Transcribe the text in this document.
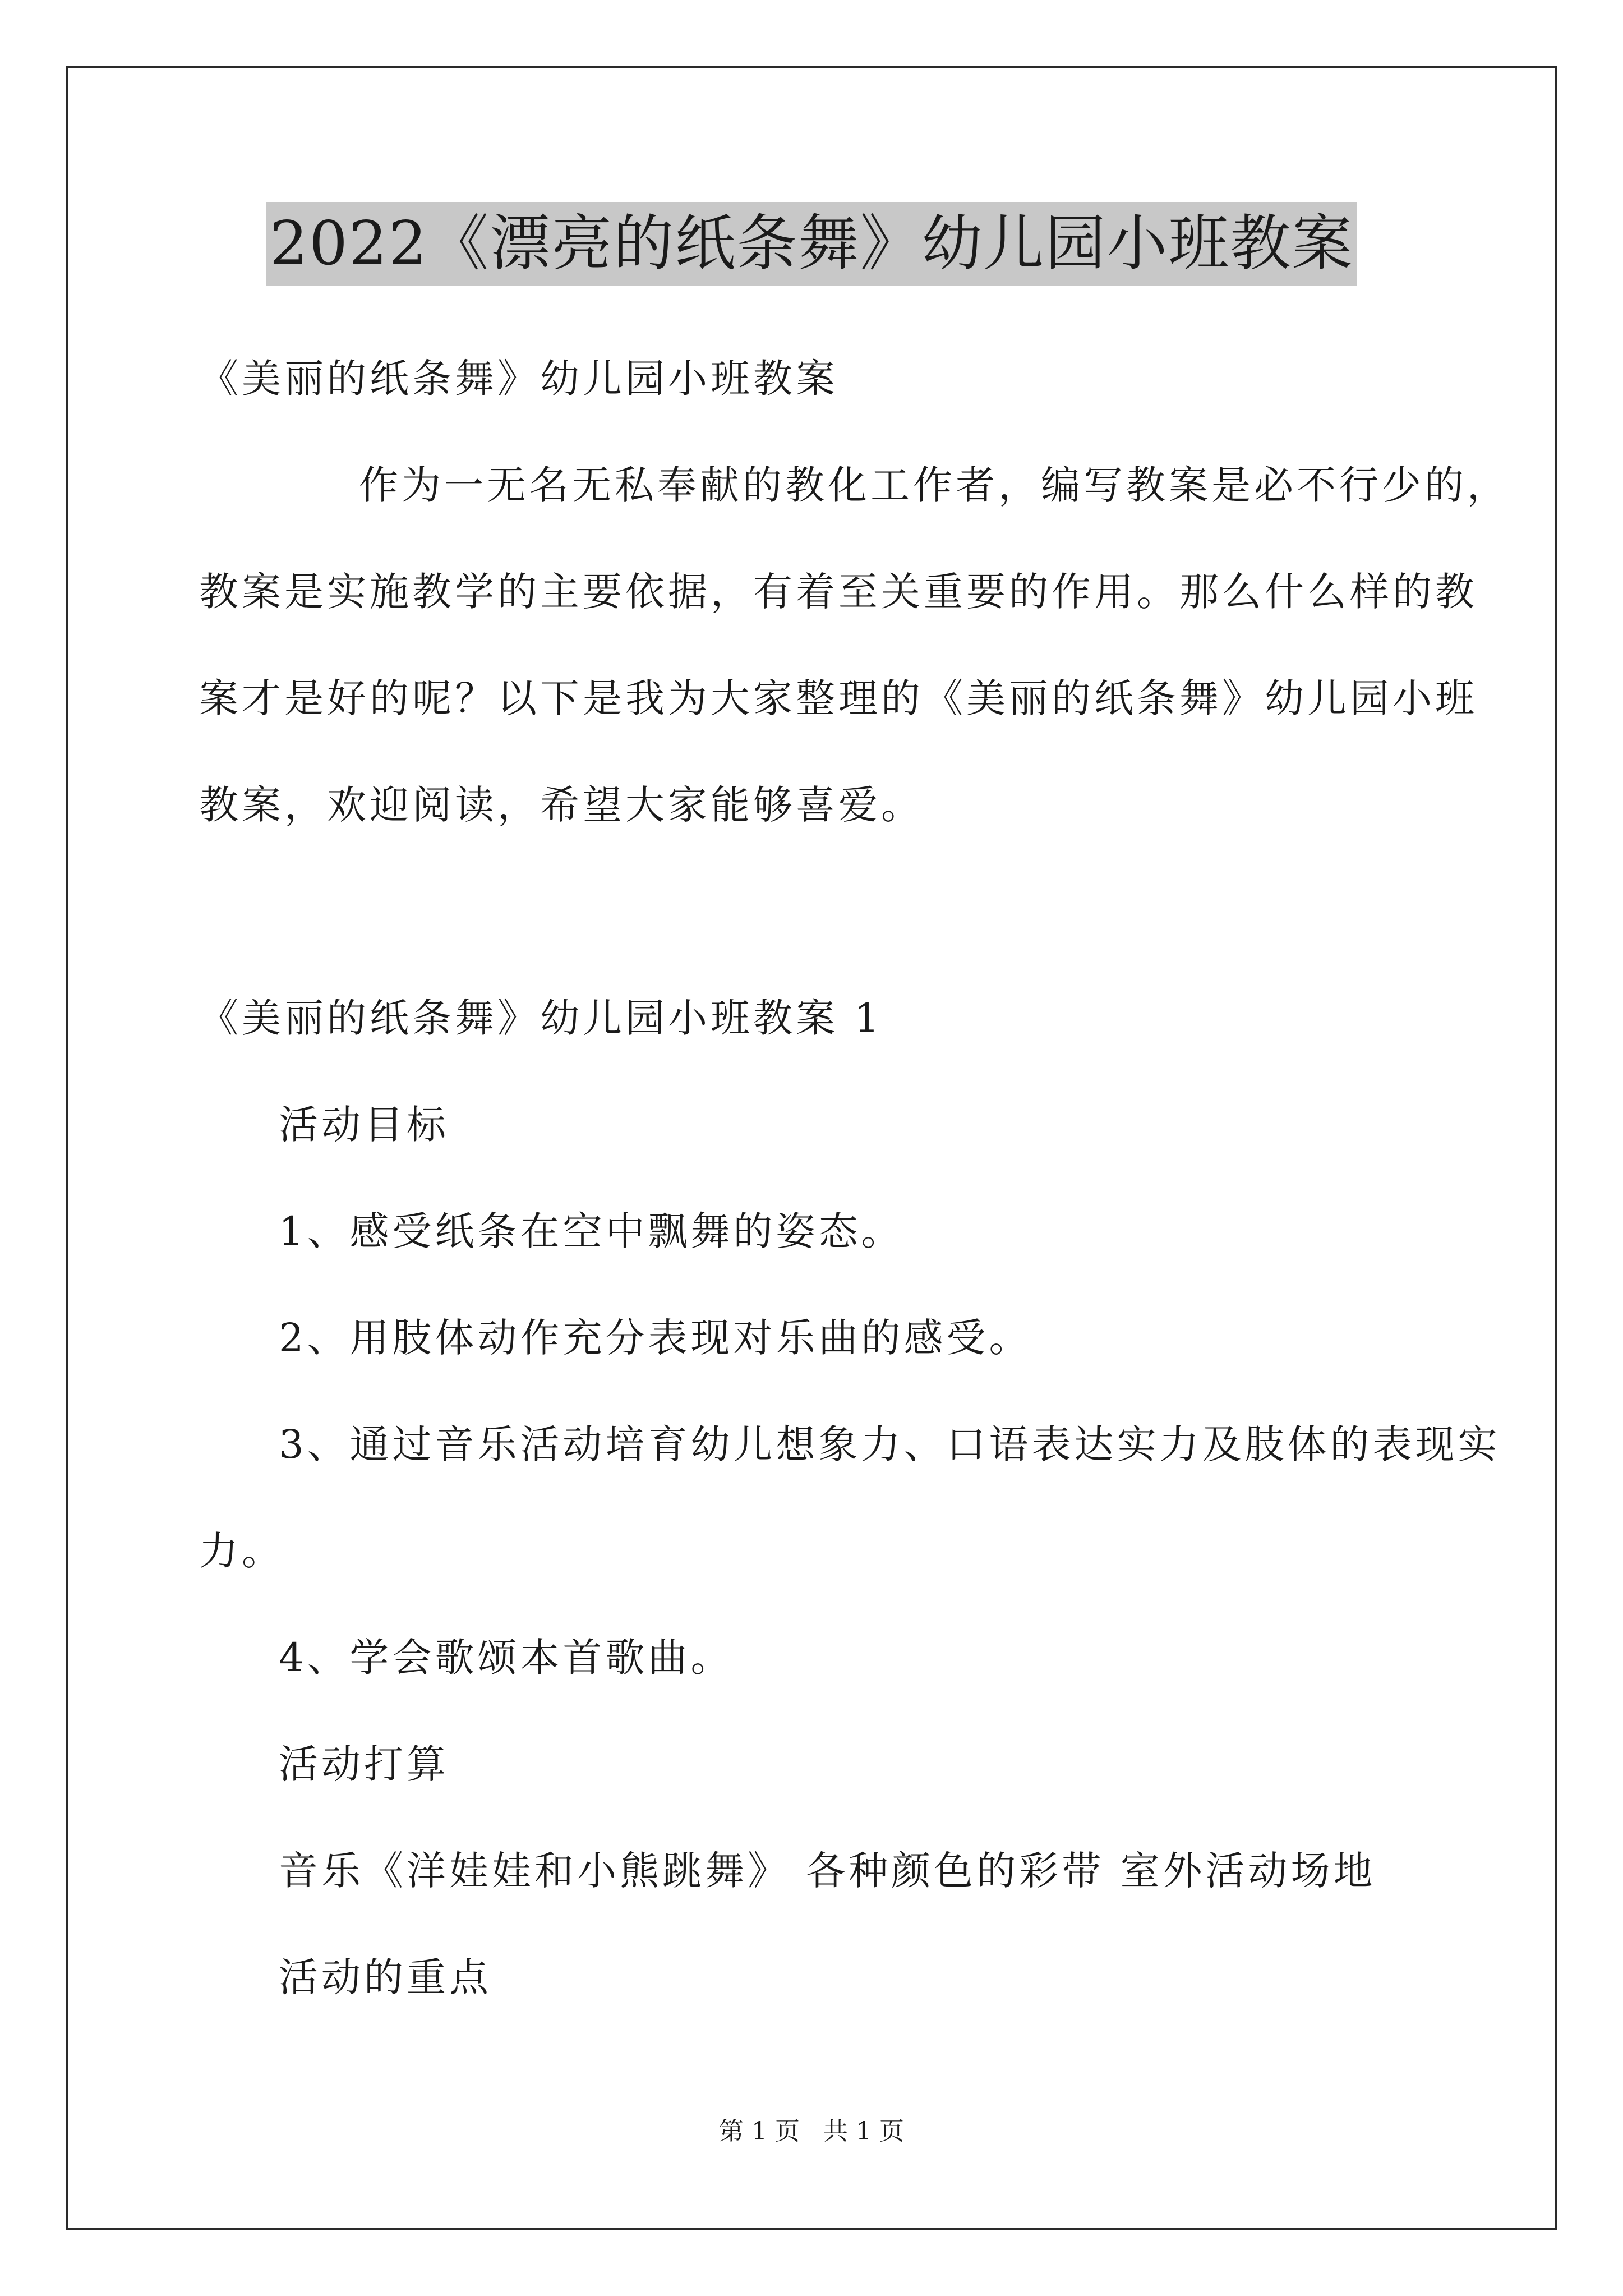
2022《漂亮的纸条舞》幼儿园小班教案
《美丽的纸条舞》幼儿园小班教案
作为一无名无私奉献的教化工作者，编写教案是必不行少的，
教案是实施教学的主要依据，有着至关重要的作用。那么什么样的教
案才是好的呢？以下是我为大家整理的《美丽的纸条舞》幼儿园小班
教案，欢迎阅读，希望大家能够喜爱。
《美丽的纸条舞》幼儿园小班教案 1
活动目标
1、感受纸条在空中飘舞的姿态。
2、用肢体动作充分表现对乐曲的感受。
3、通过音乐活动培育幼儿想象力、口语表达实力及肢体的表现实
力。
4、学会歌颂本首歌曲。
活动打算
音乐《洋娃娃和小熊跳舞》 各种颜色的彩带 室外活动场地
活动的重点
第 1 页   共 1 页
